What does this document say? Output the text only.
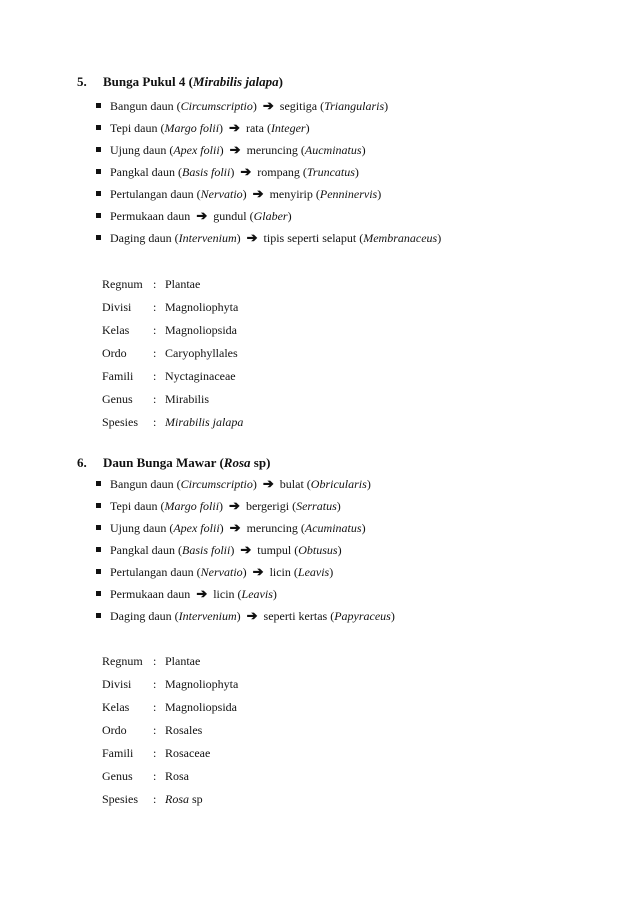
5. Bunga Pukul 4 (Mirabilis jalapa)
Bangun daun (Circumscriptio) ➔ segitiga (Triangularis)
Tepi daun (Margo folii) ➔ rata (Integer)
Ujung daun (Apex folii) ➔ meruncing (Aucminatus)
Pangkal daun (Basis folii) ➔ rompang (Truncatus)
Pertulangan daun (Nervatio) ➔ menyirip (Penninervis)
Permukaan daun ➔ gundul (Glaber)
Daging daun (Intervenium) ➔ tipis seperti selaput (Membranaceus)
Regnum : Plantae
Divisi : Magnoliophyta
Kelas : Magnoliopsida
Ordo : Caryophyllales
Famili : Nyctaginaceae
Genus : Mirabilis
Spesies : Mirabilis jalapa
6. Daun Bunga Mawar (Rosa sp)
Bangun daun (Circumscriptio) ➔ bulat (Obricularis)
Tepi daun (Margo folii) ➔ bergerigi (Serratus)
Ujung daun (Apex folii) ➔ meruncing (Acuminatus)
Pangkal daun (Basis folii) ➔ tumpul (Obtusus)
Pertulangan daun (Nervatio) ➔ licin (Leavis)
Permukaan daun ➔ licin (Leavis)
Daging daun (Intervenium) ➔ seperti kertas (Papyraceus)
Regnum : Plantae
Divisi : Magnoliophyta
Kelas : Magnoliopsida
Ordo : Rosales
Famili : Rosaceae
Genus : Rosa
Spesies : Rosa sp
